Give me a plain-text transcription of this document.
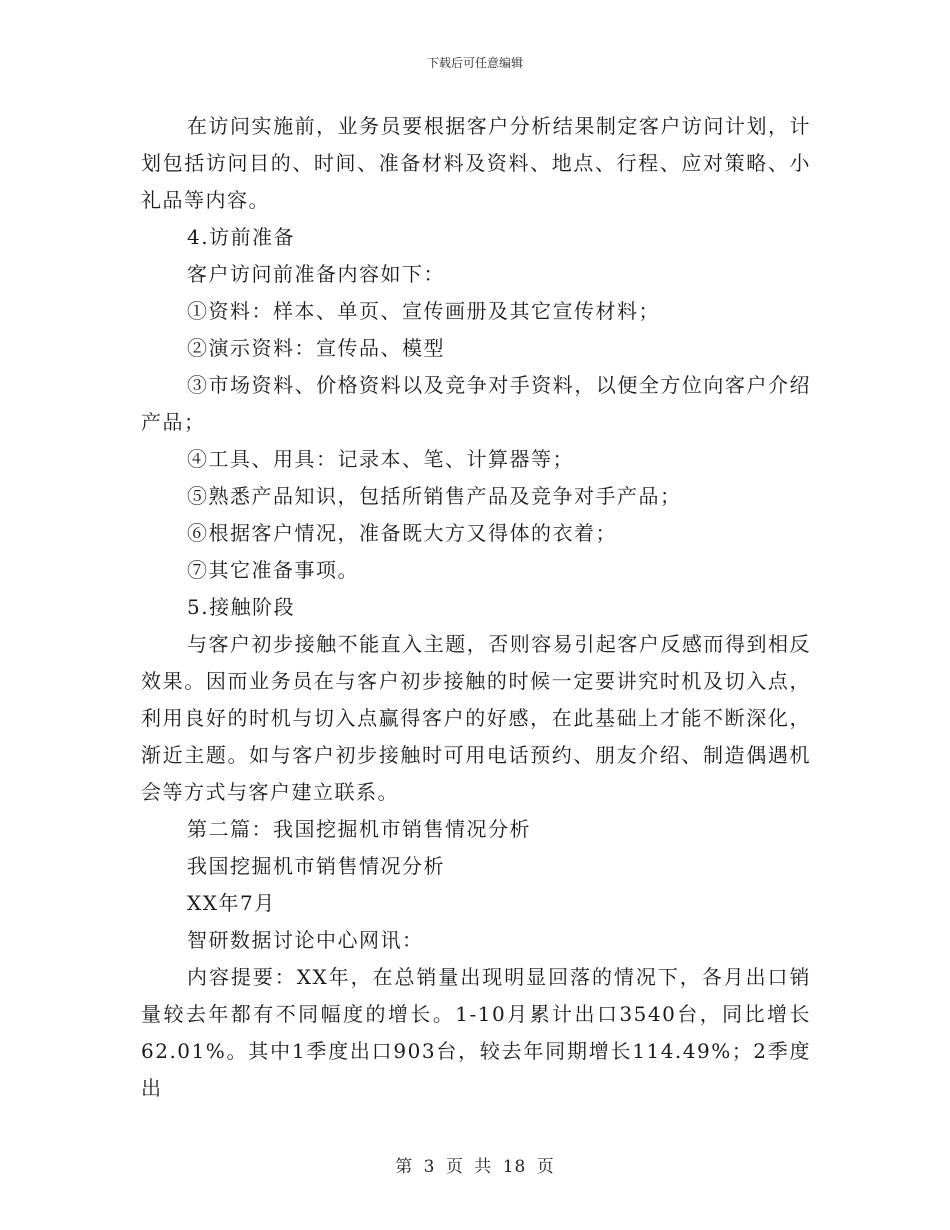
下载后可任意编辑

在访问实施前，业务员要根据客户分析结果制定客户访问计划，计划包括访问目的、时间、准备材料及资料、地点、行程、应对策略、小礼品等内容。

4.访前准备

客户访问前准备内容如下：

①资料：样本、单页、宣传画册及其它宣传材料；

②演示资料：宣传品、模型

③市场资料、价格资料以及竞争对手资料，以便全方位向客户介绍产品；

④工具、用具：记录本、笔、计算器等；

⑤熟悉产品知识，包括所销售产品及竞争对手产品；

⑥根据客户情况，准备既大方又得体的衣着；

⑦其它准备事项。

5.接触阶段

与客户初步接触不能直入主题，否则容易引起客户反感而得到相反效果。因而业务员在与客户初步接触的时候一定要讲究时机及切入点，利用良好的时机与切入点赢得客户的好感，在此基础上才能不断深化，渐近主题。如与客户初步接触时可用电话预约、朋友介绍、制造偶遇机会等方式与客户建立联系。

第二篇：我国挖掘机市销售情况分析

我国挖掘机市销售情况分析

XX年7月

智研数据讨论中心网讯：

内容提要：XX年，在总销量出现明显回落的情况下，各月出口销量较去年都有不同幅度的增长。1-10月累计出口3540台，同比增长62.01%。其中1季度出口903台，较去年同期增长114.49%；2季度出

第 3 页 共 18 页
